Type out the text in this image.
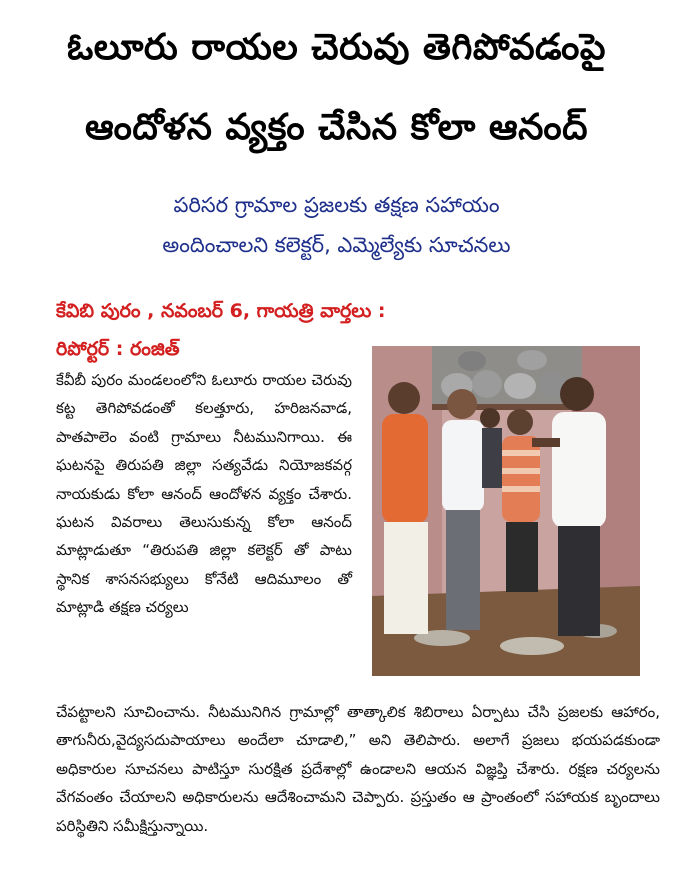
ఓలూరు రాయల చెరువు తెగిపోవడంపై
ఆందోళన వ్యక్తం చేసిన కోలా ఆనంద్

పరిసర గ్రామాల ప్రజలకు తక్షణ సహాయం

అందించాలని కలెక్టర్, ఎమ్మెల్యేకు సూచనలు

కేవిబి పురం , నవంబర్ 6, గాయత్రి వార్తలు :

రిపోర్టర్ : రంజిత్

కేవీబీ పురం మండలంలోని ఓలూరు రాయల చెరువు కట్ట తెగిపోవడంతో కలత్తూరు, హరిజనవాడ, పాతపాలెం వంటి గ్రామాలు నీటమునిగాయి. ఈ ఘటనపై తిరుపతి జిల్లా సత్యవేడు నియోజకవర్గ నాయకుడు కోలా ఆనంద్ ఆందోళన వ్యక్తం చేశారు. ఘటన వివరాలు తెలుసుకున్న కోలా ఆనంద్ మాట్లాడుతూ “తిరుపతి జిల్లా కలెక్టర్ తో పాటు స్థానిక శాసనసభ్యులు కోనేటి ఆదిమూలం తో మాట్లాడి తక్షణ చర్యలు

చేపట్టాలని సూచించాను. నీటమునిగిన గ్రామాల్లో తాత్కాలిక శిబిరాలు ఏర్పాటు చేసి ప్రజలకు ఆహారం, తాగునీరు,వైద్యసదుపాయాలు అందేలా చూడాలి,” అని తెలిపారు. అలాగే ప్రజలు భయపడకుండా అధికారుల సూచనలు పాటిస్తూ సురక్షిత ప్రదేశాల్లో ఉండాలని ఆయన విజ్ఞప్తి చేశారు. రక్షణ చర్యలను వేగవంతం చేయాలని అధికారులను ఆదేశించామని చెప్పారు. ప్రస్తుతం ఆ ప్రాంతంలో సహాయక బృందాలు పరిస్థితిని సమీక్షిస్తున్నాయి.
